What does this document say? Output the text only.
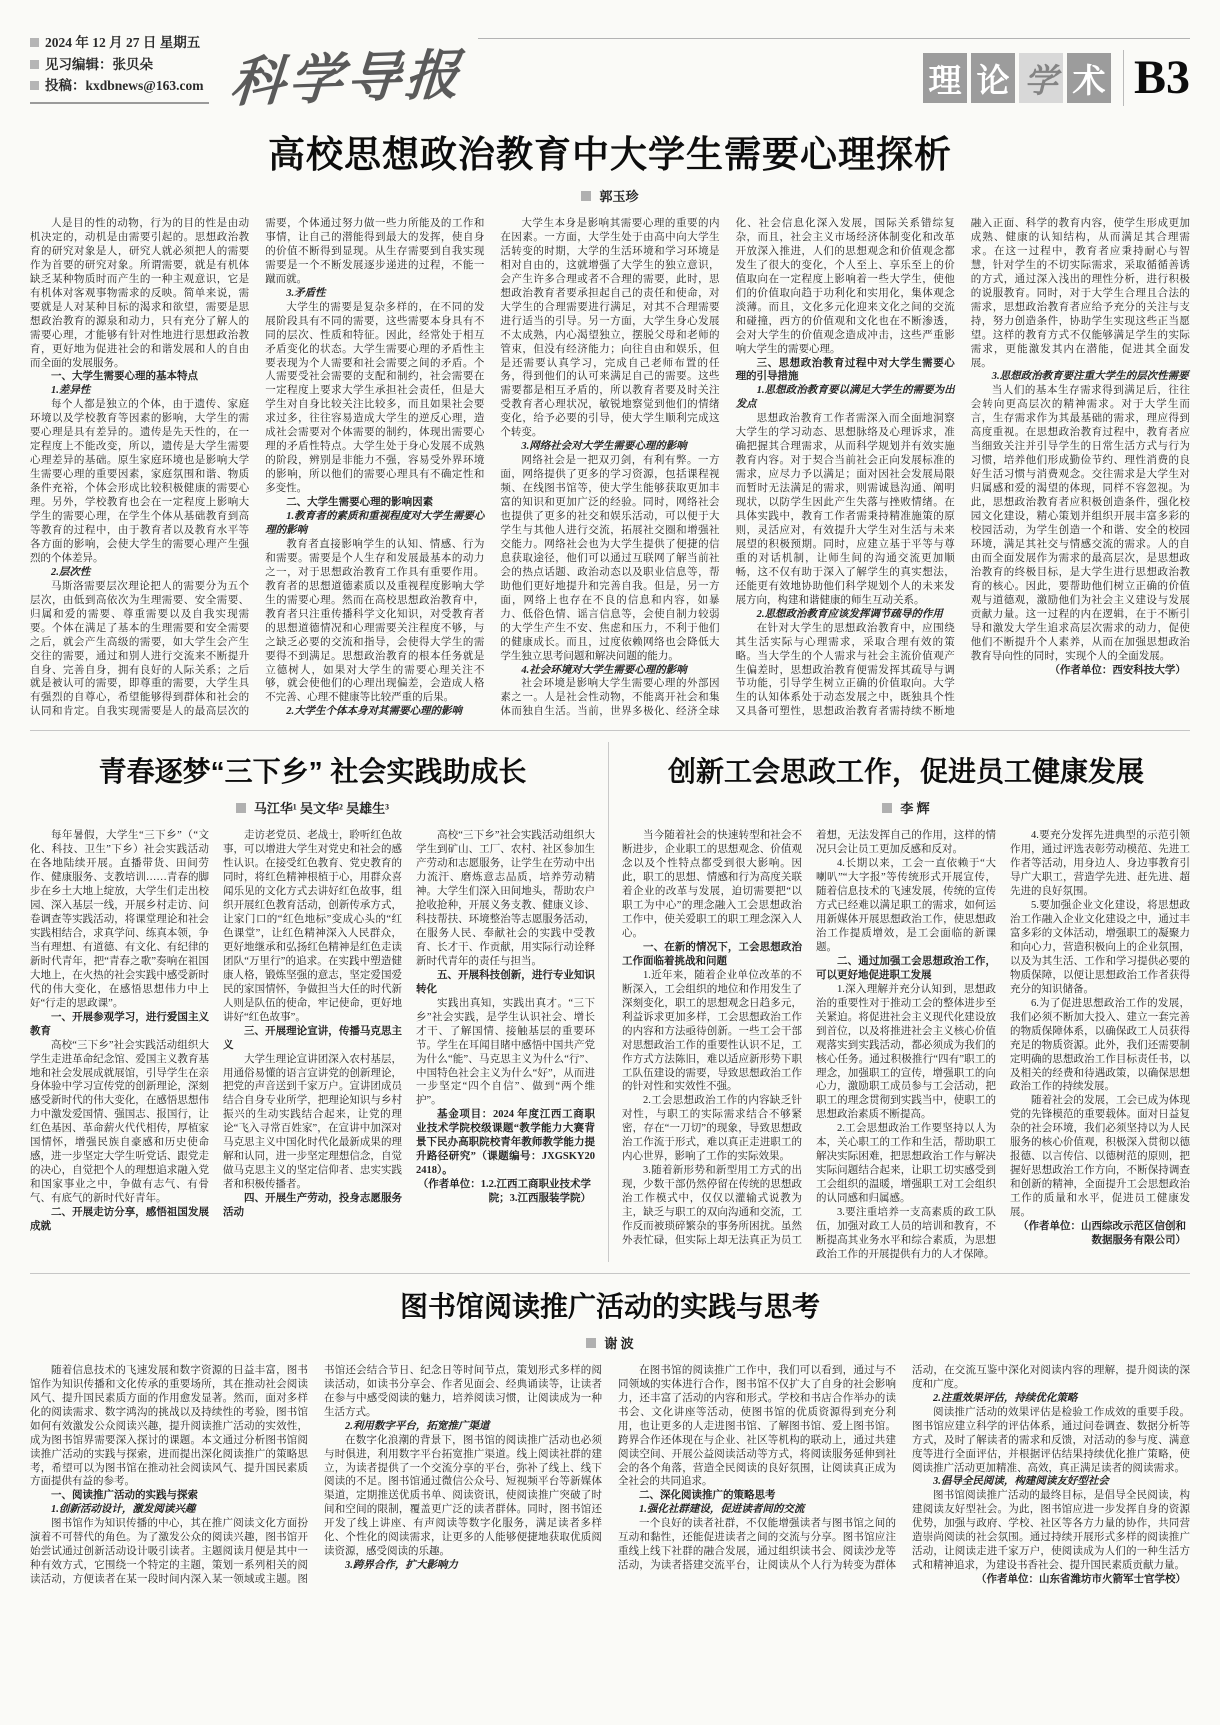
2024 年 12 月 27 日 星期五
见习编辑：张贝朵
投稿：kxdbnews@163.com 科学导报	理 论 学 术 B3
高校思想政治教育中大学生需要心理探析
郭玉珍

人是目的性的动物，行为的目的性是由动机决定的，动机是由需要引起的。思想政治教育的研究对象是人，研究人就必须把人的需要作为首要的研究对象。所谓需要，就是有机体缺乏某种物质时而产生的一种主观意识，它是有机体对客观事物需求的反映。简单来说，需要就是人对某种目标的渴求和欲望，需要是思想政治教育的源泉和动力，只有充分了解人的需要心理，才能够有针对性地进行思想政治教育，更好地为促进社会的和谐发展和人的自由而全面的发展服务。

一、大学生需要心理的基本特点

1.差异性

每个人都是独立的个体，由于遗传、家庭环境以及学校教育等因素的影响，大学生的需要心理是具有差异的。遗传是先天性的，在一定程度上不能改变，所以，遗传是大学生需要心理差异的基础。原生家庭环境也是影响大学生需要心理的重要因素，家庭氛围和谐、物质条件充裕，个体会形成比较积极健康的需要心理。另外，学校教育也会在一定程度上影响大学生的需要心理，在学生个体从基础教育到高等教育的过程中，由于教育者以及教育水平等各方面的影响，会使大学生的需要心理产生强烈的个体差异。

2.层次性

马斯洛需要层次理论把人的需要分为五个层次，由低到高依次为生理需要、安全需要、归属和爱的需要、尊重需要以及自我实现需要。个体在满足了基本的生理需要和安全需要之后，就会产生高级的需要，如大学生会产生交往的需要，通过和别人进行交流来不断提升自身、完善自身，拥有良好的人际关系；之后就是被认可的需要，即尊重的需要，大学生具有强烈的自尊心，希望能够得到群体和社会的认同和肯定。自我实现需要是人的最高层次的需要，个体通过努力做一些力所能及的工作和事情，让自己的潜能得到最大的发挥，使自身的价值不断得到显现。从生存需要到自我实现需要是一个不断发展逐步递进的过程，不能一蹴而就。

3.矛盾性

大学生的需要是复杂多样的，在不同的发展阶段具有不同的需要，这些需要本身具有不同的层次、性质和特征。因此，经常处于相互矛盾变化的状态。大学生需要心理的矛盾性主要表现为个人需要和社会需要之间的矛盾。个人需要受社会需要的支配和制约，社会需要在一定程度上要求大学生承担社会责任，但是大学生对自身比较关注比较多，而且如果社会要求过多，往往容易造成大学生的逆反心理，造成社会需要对个体需要的制约，体现出需要心理的矛盾性特点。大学生处于身心发展不成熟的阶段，辨别是非能力不强，容易受外界环境的影响，所以他们的需要心理具有不确定性和多变性。

二、大学生需要心理的影响因素

1.教育者的素质和重视程度对大学生需要心理的影响

教育者直接影响学生的认知、情感、行为和需要。需要是个人生存和发展最基本的动力之一，对于思想政治教育工作具有重要作用。教育者的思想道德素质以及重视程度影响大学生的需要心理。然而在高校思想政治教育中，教育者只注重传播科学文化知识，对受教育者的思想道德情况和心理需要关注程度不够，与之缺乏必要的交流和指导，会使得大学生的需要得不到满足。思想政治教育的根本任务就是立德树人，如果对大学生的需要心理关注不够，就会使他们的心理出现偏差，会造成人格不完善、心理不健康等比较严重的后果。

2.大学生个体本身对其需要心理的影响

大学生本身是影响其需要心理的重要的内在因素。一方面，大学生处于由高中向大学生活转变的时期，大学的生活环境和学习环境是相对自由的，这就增强了大学生的独立意识，会产生许多合理或者不合理的需要，此时，思想政治教育者要承担起自己的责任和使命，对大学生的合理需要进行满足，对其不合理需要进行适当的引导。另一方面，大学生身心发展不太成熟，内心渴望独立，摆脱父母和老师的管束，但没有经济能力；向往自由和娱乐，但是还需要认真学习，完成自己老师布置的任务，得到他们的认可来满足自己的需要。这些需要都是相互矛盾的，所以教育者要及时关注受教育者心理状况，敏锐地察觉到他们的情绪变化，给予必要的引导，使大学生顺利完成这个转变。

3.网络社会对大学生需要心理的影响

网络社会是一把双刃剑，有利有弊。一方面，网络提供了更多的学习资源，包括课程视频、在线图书馆等，使大学生能够获取更加丰富的知识和更加广泛的经验。同时，网络社会也提供了更多的社交和娱乐活动，可以便于大学生与其他人进行交流，拓展社交圈和增强社交能力。网络社会也为大学生提供了便捷的信息获取途径，他们可以通过互联网了解当前社会的热点话题、政治动态以及职业信息等，帮助他们更好地提升和完善自我。但是，另一方面，网络上也存在不良的信息和内容，如暴力、低俗色情、谣言信息等，会使自制力较弱的大学生产生不安、焦虑和压力，不利于他们的健康成长。而且，过度依赖网络也会降低大学生独立思考问题和解决问题的能力。

4.社会环境对大学生需要心理的影响

社会环境是影响大学生需要心理的外部因素之一。人是社会性动物，不能离开社会和集体而独自生活。当前，世界多极化、经济全球化、社会信息化深入发展，国际关系错综复杂，而且，社会主义市场经济体制变化和改革开放深入推进，人们的思想观念和价值观念都发生了很大的变化，个人至上、享乐至上的价值取向在一定程度上影响着一些大学生，使他们的价值取向趋于功利化和实用化，集体观念淡薄。而且，文化多元化迎来文化之间的交流和碰撞，西方的价值观和文化也在不断渗透，会对大学生的价值观念造成冲击，这些严重影响大学生的需要心理。

三、思想政治教育过程中对大学生需要心理的引导措施

1.思想政治教育要以满足大学生的需要为出发点

思想政治教育工作者需深入而全面地洞察大学生的学习动态、思想脉络及心理诉求，准确把握其合理需求，从而科学规划并有效实施教育内容。对于契合当前社会正向发展标准的需求，应尽力予以满足；面对因社会发展局限而暂时无法满足的需求，则需诚恳沟通、阐明现状，以防学生因此产生失落与挫败情绪。在具体实践中，教育工作者需秉持精准施策的原则，灵活应对，有效提升大学生对生活与未来展望的积极预期。同时，应建立基于平等与尊重的对话机制，让师生间的沟通交流更加顺畅，这不仅有助于深入了解学生的真实想法，还能更有效地协助他们科学规划个人的未来发展方向，构建和谐健康的师生互动关系。

2.思想政治教育应该发挥调节疏导的作用

在针对大学生的思想政治教育中，应围绕其生活实际与心理需求，采取合理有效的策略。当大学生的个人需求与社会主流价值观产生偏差时，思想政治教育便需发挥其疏导与调节功能，引导学生树立正确的价值取向。大学生的认知体系处于动态发展之中，既独具个性又具备可塑性，思想政治教育者需持续不断地融入正面、科学的教育内容，使学生形成更加成熟、健康的认知结构，从而满足其合理需求。在这一过程中，教育者应秉持耐心与智慧，针对学生的不切实际需求，采取循循善诱的方式，通过深入浅出的理性分析，进行积极的说服教育。同时，对于大学生合理且合法的需求，思想政治教育者应给予充分的关注与支持，努力创造条件，协助学生实现这些正当愿望。这样的教育方式不仅能够满足学生的实际需求，更能激发其内在潜能，促进其全面发展。

3.思想政治教育要注重大学生的层次性需要

当人们的基本生存需求得到满足后，往往会转向更高层次的精神需求。对于大学生而言，生存需求作为其最基础的需求，理应得到高度重视。在思想政治教育过程中，教育者应当细致关注并引导学生的日常生活方式与行为习惯，培养他们形成勤俭节约、理性消费的良好生活习惯与消费观念。交往需求是大学生对归属感和爱的渴望的体现，同样不容忽视。为此，思想政治教育者应积极创造条件，强化校园文化建设，精心策划并组织开展丰富多彩的校园活动，为学生创造一个和谐、安全的校园环境，满足其社交与情感交流的需求。人的自由而全面发展作为需求的最高层次，是思想政治教育的终极目标，是大学生进行思想政治教育的核心。因此，要帮助他们树立正确的价值观与道德观，激励他们为社会主义建设与发展贡献力量。这一过程的内在逻辑，在于不断引导和激发大学生追求高层次需求的动力，促使他们不断提升个人素养，从而在加强思想政治教育导向性的同时，实现个人的全面发展。

（作者单位：西安科技大学）

青春逐梦“三下乡” 社会实践助成长
马江华¹ 吴文华² 吴雄生³

每年暑假，大学生“三下乡”（“文化、科技、卫生”下乡）社会实践活动在各地陆续开展。直播带货、田间劳作、健康服务、支教培训……青春的脚步在乡土大地上绽放，大学生们走出校园、深入基层一线，开展乡村走访、问卷调查等实践活动，将课堂理论和社会实践相结合，求真学问、练真本领，争当有理想、有道德、有文化、有纪律的新时代青年，把“青春之歌”奏响在祖国大地上，在火热的社会实践中感受新时代的伟大变化，在感悟思想伟力中上好“行走的思政课”。

一、开展参观学习，进行爱国主义教育

高校“三下乡”社会实践活动组织大学生走进革命纪念馆、爱国主义教育基地和社会发展成就展馆，引导学生在亲身体验中学习宣传党的创新理论，深刻感受新时代的伟大变化，在感悟思想伟力中激发爱国情、强国志、报国行，让红色基因、革命薪火代代相传，厚植家国情怀，增强民族自豪感和历史使命感，进一步坚定大学生听党话、跟党走的决心，自觉把个人的理想追求融入党和国家事业之中，争做有志气、有骨气、有底气的新时代好青年。

二、开展走访分享，感悟祖国发展成就

走访老党员、老战士，聆听红色故事，可以增进大学生对党史和社会的感性认识。在接受红色教育、党史教育的同时，将红色精神根植于心，用群众喜闻乐见的文化方式去讲好红色故事，组织开展红色教育活动，创新传承方式，让家门口的“红色地标”变成心头的“红色课堂”，让红色精神深入人民群众，更好地继承和弘扬红色精神是红色走读团队“万里行”的追求。在实践中塑造健康人格，锻炼坚强的意志，坚定爱国爱民的家国情怀，争做担当大任的时代新人则是队伍的使命，牢记使命，更好地讲好“红色故事”。

三、开展理论宣讲，传播马克思主义

大学生理论宣讲团深入农村基层，用通俗易懂的语言宣讲党的创新理论，把党的声音送到千家万户。宣讲团成员结合自身专业所学，把理论知识与乡村振兴的生动实践结合起来，让党的理论“飞入寻常百姓家”，在宣讲中加深对马克思主义中国化时代化最新成果的理解和认同，进一步坚定理想信念，自觉做马克思主义的坚定信仰者、忠实实践者和积极传播者。

四、开展生产劳动，投身志愿服务活动

高校“三下乡”社会实践活动组织大学生到矿山、工厂、农村、社区参加生产劳动和志愿服务，让学生在劳动中出力流汗、磨炼意志品质，培养劳动精神。大学生们深入田间地头，帮助农户抢收抢种，开展义务支教、健康义诊、科技帮扶、环境整治等志愿服务活动，在服务人民、奉献社会的实践中受教育、长才干、作贡献，用实际行动诠释新时代青年的责任与担当。

五、开展科技创新，进行专业知识转化

实践出真知，实践出真才。“三下乡”社会实践，是学生认识社会、增长才干、了解国情、接触基层的重要环节。学生在耳闻目睹中感悟中国共产党为什么“能”、马克思主义为什么“行”、中国特色社会主义为什么“好”，从而进一步坚定“四个自信”、做到“两个维护”。

基金项目：2024 年度江西工商职业技术学院校级课题“教学能力大赛背景下民办高职院校青年教师教学能力提升路径研究”（课题编号：JXGSKY202418）。

（作者单位：1.2.江西工商职业技术学院；3.江西服装学院）

创新工会思政工作，促进员工健康发展
李 辉

当今随着社会的快速转型和社会不断进步，企业职工的思想观念、价值观念以及个性特点都受到很大影响。因此，职工的思想、情感和行为高度关联着企业的改革与发展，迫切需要把“以职工为中心”的理念融入工会思想政治工作中，使关爱职工的职工理念深入人心。

一、在新的情况下，工会思想政治工作面临着挑战和问题

1.近年来，随着企业单位改革的不断深入，工会组织的地位和作用发生了深刻变化，职工的思想观念日趋多元，利益诉求更加多样，工会思想政治工作的内容和方法亟待创新。一些工会干部对思想政治工作的重要性认识不足，工作方式方法陈旧，难以适应新形势下职工队伍建设的需要，导致思想政治工作的针对性和实效性不强。

2.工会思想政治工作的内容缺乏针对性，与职工的实际需求结合不够紧密，存在“一刀切”的现象，导致思想政治工作流于形式，难以真正走进职工的内心世界，影响了工作的实际效果。

3.随着新形势和新型用工方式的出现，少数干部仍然停留在传统的思想政治工作模式中，仅仅以灌输式说教为主，缺乏与职工的双向沟通和交流，工作反而被琐碎繁杂的事务所困扰。虽然外表忙碌，但实际上却无法真正为员工着想，无法发挥自己的作用，这样的情况只会让员工更加反感和反对。

4.长期以来，工会一直依赖于“大喇叭”“大字报”等传统形式开展宣传，随着信息技术的飞速发展，传统的宣传方式已经难以满足职工的需求，如何运用新媒体开展思想政治工作，使思想政治工作提质增效，是工会面临的新课题。

二、通过加强工会思想政治工作，可以更好地促进职工发展

1.深入理解并充分认知到，思想政治的重要性对于推动工会的整体进步至关紧迫。将促进社会主义现代化建设放到首位，以及将推进社会主义核心价值观落实到实践活动，都必须成为我们的核心任务。通过积极推行“四有”职工的理念，加强职工的宣传，增强职工的向心力，激励职工成员参与工会活动，把职工的理念贯彻到实践当中，使职工的思想政治素质不断提高。

2.工会思想政治工作要坚持以人为本，关心职工的工作和生活，帮助职工解决实际困难，把思想政治工作与解决实际问题结合起来，让职工切实感受到工会组织的温暖，增强职工对工会组织的认同感和归属感。

3.要注重培养一支高素质的政工队伍，加强对政工人员的培训和教育，不断提高其业务水平和综合素质，为思想政治工作的开展提供有力的人才保障。

4.要充分发挥先进典型的示范引领作用，通过评选表彰劳动模范、先进工作者等活动，用身边人、身边事教育引导广大职工，营造学先进、赶先进、超先进的良好氛围。

5.要加强企业文化建设，将思想政治工作融入企业文化建设之中，通过丰富多彩的文体活动，增强职工的凝聚力和向心力，营造积极向上的企业氛围，以及为其生活、工作和学习提供必要的物质保障，以便让思想政治工作者获得充分的知识储备。

6.为了促进思想政治工作的发展，我们必须不断加大投入、建立一套完善的物质保障体系，以确保政工人员获得充足的物质资源。此外，我们还需要制定明确的思想政治工作目标责任书，以及相关的经费和待遇政策，以确保思想政治工作的持续发展。

随着社会的发展，工会已成为体现党的先锋模范的重要载体。面对日益复杂的社会环境，我们必须坚持以为人民服务的核心价值观，积极深入贯彻以德报德、以言传信、以德树范的原则，把握好思想政治工作方向，不断保持调查和创新的精神，全面提升工会思想政治工作的质量和水平，促进员工健康发展。

（作者单位：山西综改示范区信创和数据服务有限公司）

图书馆阅读推广活动的实践与思考
谢 波

随着信息技术的飞速发展和数字资源的日益丰富，图书馆作为知识传播和文化传承的重要场所，其在推动社会阅读风气、提升国民素质方面的作用愈发显著。然而，面对多样化的阅读需求、数字鸿沟的挑战以及持续性的考验，图书馆如何有效激发公众阅读兴趣，提升阅读推广活动的实效性，成为图书馆界需要深入探讨的课题。本文通过分析图书馆阅读推广活动的实践与探索，进而提出深化阅读推广的策略思考，希望可以为图书馆在推动社会阅读风气、提升国民素质方面提供有益的参考。

一、阅读推广活动的实践与探索

1.创新活动设计，激发阅读兴趣

图书馆作为知识传播的中心，其在推广阅读文化方面扮演着不可替代的角色。为了激发公众的阅读兴趣，图书馆开始尝试通过创新活动设计吸引读者。主题阅读月便是其中一种有效方式，它围绕一个特定的主题，策划一系列相关的阅读活动，方便读者在某一段时间内深入某一领域或主题。图书馆还会结合节日、纪念日等时间节点，策划形式多样的阅读活动，如读书分享会、作者见面会、经典诵读等，让读者在参与中感受阅读的魅力，培养阅读习惯，让阅读成为一种生活方式。

2.利用数字平台，拓宽推广渠道

在数字化浪潮的背景下，图书馆的阅读推广活动也必须与时俱进，利用数字平台拓宽推广渠道。线上阅读社群的建立，为读者提供了一个交流分享的平台，弥补了线上、线下阅读的不足。图书馆通过微信公众号、短视频平台等新媒体渠道，定期推送优质书单、阅读资讯，使阅读推广突破了时间和空间的限制，覆盖更广泛的读者群体。同时，图书馆还开发了线上讲座、有声阅读等数字化服务，满足读者多样化、个性化的阅读需求，让更多的人能够便捷地获取优质阅读资源，感受阅读的乐趣。

3.跨界合作，扩大影响力

在图书馆的阅读推广工作中，我们可以看到，通过与不同领域的实体进行合作，图书馆不仅扩大了自身的社会影响力，还丰富了活动的内容和形式。学校和书店合作举办的读书会、文化讲座等活动，使图书馆的优质资源得到充分利用，也让更多的人走进图书馆、了解图书馆、爱上图书馆。跨界合作还体现在与企业、社区等机构的联动上，通过共建阅读空间、开展公益阅读活动等方式，将阅读服务延伸到社会的各个角落，营造全民阅读的良好氛围，让阅读真正成为全社会的共同追求。

二、深化阅读推广的策略思考

1.强化社群建设，促进读者间的交流

一个良好的读者社群，不仅能增强读者与图书馆之间的互动和黏性，还能促进读者之间的交流与分享。图书馆应注重线上线下社群的融合发展，通过组织读书会、阅读沙龙等活动，为读者搭建交流平台，让阅读从个人行为转变为群体活动，在交流互鉴中深化对阅读内容的理解，提升阅读的深度和广度。

2.注重效果评估，持续优化策略

阅读推广活动的效果评估是检验工作成效的重要手段。图书馆应建立科学的评估体系，通过问卷调查、数据分析等方式，及时了解读者的需求和反馈，对活动的参与度、满意度等进行全面评估，并根据评估结果持续优化推广策略，使阅读推广活动更加精准、高效，真正满足读者的阅读需求。

3.倡导全民阅读，构建阅读友好型社会

图书馆阅读推广活动的最终目标，是倡导全民阅读，构建阅读友好型社会。为此，图书馆应进一步发挥自身的资源优势，加强与政府、学校、社区等各方力量的协作，共同营造崇尚阅读的社会氛围。通过持续开展形式多样的阅读推广活动，让阅读走进千家万户，使阅读成为人们的一种生活方式和精神追求，为建设书香社会、提升国民素质贡献力量。

（作者单位：山东省潍坊市火箭军士官学校）
